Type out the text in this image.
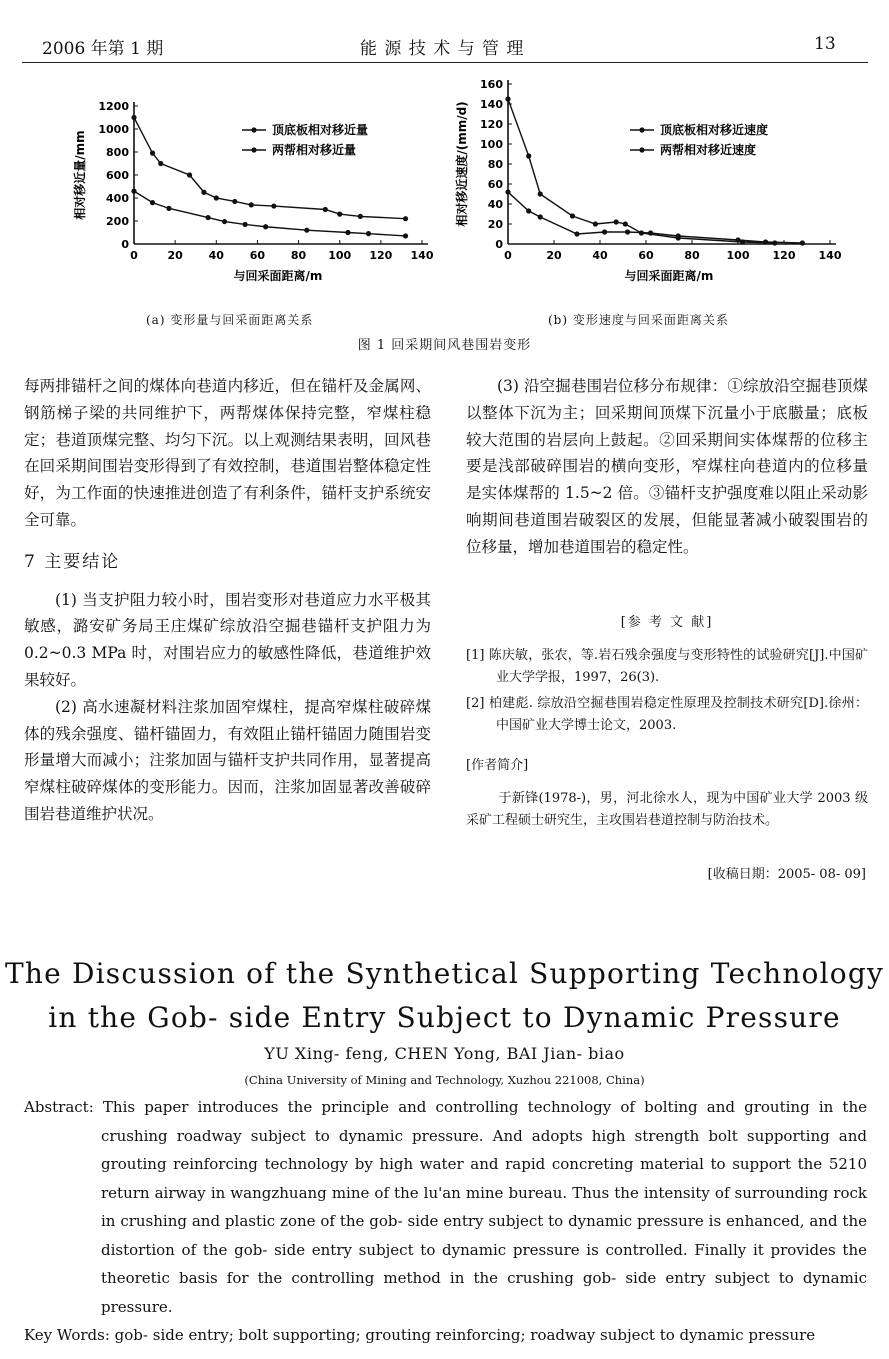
2006 年第 1 期	能 源 技 术 与 管 理	13
0
200
400
600
800
1000
1200
0	20 40 60 80 100 120 140
与回采面距离/m
相对移近量/mm
顶底板相对移近量
两帮相对移近量
0
20
40
60
80
100
120
140
160
0	20	40	60	80 100 120 140
与回采面距离/m
相对移近速度/(mm/d)	顶底板相对移近速度
两帮相对移近速度
(a) 变形量与回采面距离关系	(b) 变形速度与回采面距离关系
图 1 回采期间风巷围岩变形

每两排锚杆之间的煤体向巷道内移近，但在锚杆及金属网、钢筋梯子梁的共同维护下，两帮煤体保持完整，窄煤柱稳定；巷道顶煤完整、均匀下沉。以上观测结果表明，回风巷在回采期间围岩变形得到了有效控制，巷道围岩整体稳定性好，为工作面的快速推进创造了有利条件，锚杆支护系统安全可靠。

7 主要结论

(1) 当支护阻力较小时，围岩变形对巷道应力水平极其敏感，潞安矿务局王庄煤矿综放沿空掘巷锚杆支护阻力为 0.2~0.3 MPa 时，对围岩应力的敏感性降低，巷道维护效果较好。

(2) 高水速凝材料注浆加固窄煤柱，提高窄煤柱破碎煤体的残余强度、锚杆锚固力，有效阻止锚杆锚固力随围岩变形量增大而减小；注浆加固与锚杆支护共同作用，显著提高窄煤柱破碎煤体的变形能力。因而，注浆加固显著改善破碎围岩巷道维护状况。

(3) 沿空掘巷围岩位移分布规律：①综放沿空掘巷顶煤以整体下沉为主；回采期间顶煤下沉量小于底臌量；底板较大范围的岩层向上鼓起。②回采期间实体煤帮的位移主要是浅部破碎围岩的横向变形，窄煤柱向巷道内的位移量是实体煤帮的 1.5~2 倍。③锚杆支护强度难以阻止采动影响期间巷道围岩破裂区的发展，但能显著减小破裂围岩的位移量，增加巷道围岩的稳定性。

[参 考 文 献]
[1] 陈庆敏，张农，等.岩石残余强度与变形特性的试验研究[J].中国矿业大学学报，1997，26(3).
[2] 柏建彪. 综放沿空掘巷围岩稳定性原理及控制技术研究[D].徐州：中国矿业大学博士论文，2003.
[作者简介]
于新锋(1978-)，男，河北徐水人，现为中国矿业大学 2003 级采矿工程硕士研究生，主攻围岩巷道控制与防治技术。
[收稿日期：2005- 08- 09]
The Discussion of the Synthetical Supporting Technology
in the Gob- side Entry Subject to Dynamic Pressure
YU Xing- feng, CHEN Yong, BAI Jian- biao
(China University of Mining and Technology, Xuzhou 221008, China)
Abstract: This paper introduces the principle and controlling technology of bolting and grouting in the crushing roadway subject to dynamic pressure. And adopts high strength bolt supporting and grouting reinforcing technology by high water and rapid concreting material to support the 5210 return airway in wangzhuang mine of the lu'an mine bureau. Thus the intensity of surrounding rock in crushing and plastic zone of the gob- side entry subject to dynamic pressure is enhanced, and the distortion of the gob- side entry subject to dynamic pressure is controlled. Finally it provides the theoretic basis for the controlling method in the crushing gob- side entry subject to dynamic pressure.
Key Words: gob- side entry; bolt supporting; grouting reinforcing; roadway subject to dynamic pressure
